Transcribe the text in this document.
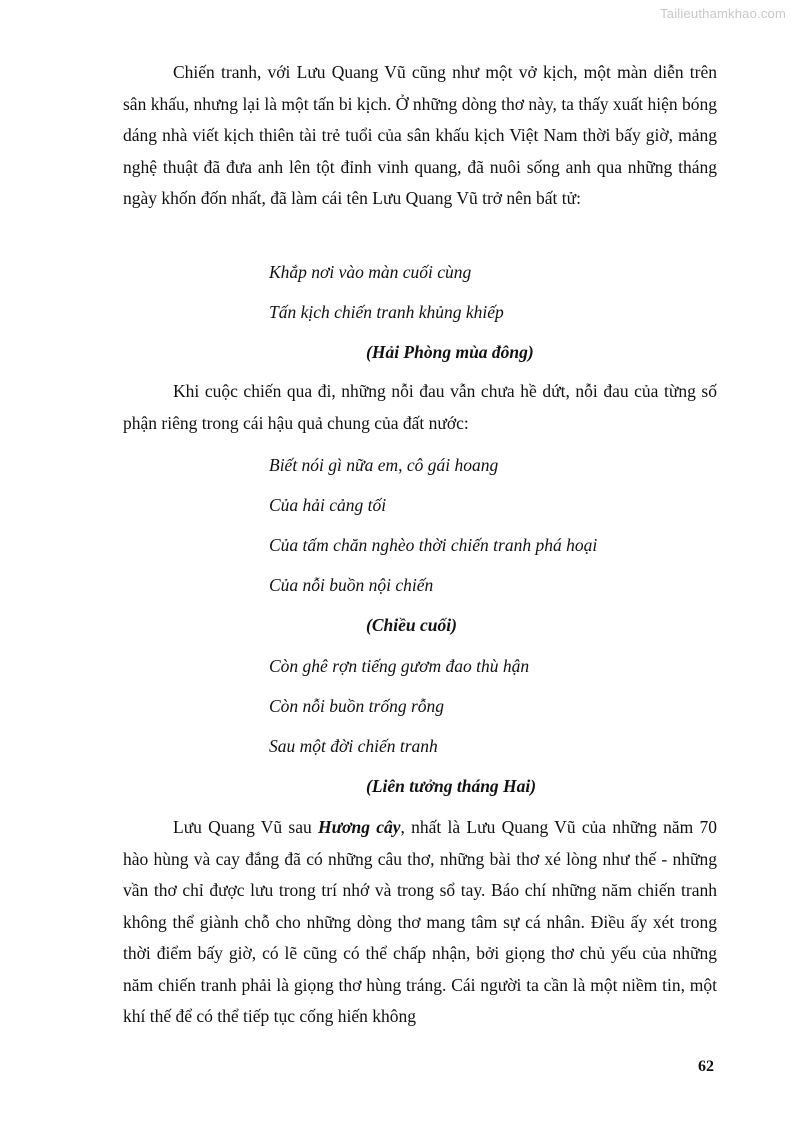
Tailieuthamkhao.com

Chiến tranh, với Lưu Quang Vũ cũng như một vở kịch, một màn diễn trên sân khấu, nhưng lại là một tấn bi kịch. Ở những dòng thơ này, ta thấy xuất hiện bóng dáng nhà viết kịch thiên tài trẻ tuổi của sân khấu kịch Việt Nam thời bấy giờ, mảng nghệ thuật đã đưa anh lên tột đỉnh vinh quang, đã nuôi sống anh qua những tháng ngày khốn đốn nhất, đã làm cái tên Lưu Quang Vũ trở nên bất tử:

Khắp nơi vào màn cuối cùng
Tấn kịch chiến tranh khủng khiếp
(Hải Phòng mùa đông)

Khi cuộc chiến qua đi, những nỗi đau vẫn chưa hề dứt, nỗi đau của từng số phận riêng trong cái hậu quả chung của đất nước:

Biết nói gì nữa em, cô gái hoang
Của hải cảng tối
Của tấm chăn nghèo thời chiến tranh phá hoại
Của nỗi buồn nội chiến
(Chiều cuối)
Còn ghê rợn tiếng gươm đao thù hận
Còn nỗi buồn trống rỗng
Sau một đời chiến tranh
(Liên tưởng tháng Hai)

Lưu Quang Vũ sau Hương cây, nhất là Lưu Quang Vũ của những năm 70 hào hùng và cay đắng đã có những câu thơ, những bài thơ xé lòng như thế - những vần thơ chỉ được lưu trong trí nhớ và trong sổ tay. Báo chí những năm chiến tranh không thể giành chỗ cho những dòng thơ mang tâm sự cá nhân. Điều ấy xét trong thời điểm bấy giờ, có lẽ cũng có thể chấp nhận, bởi giọng thơ chủ yếu của những năm chiến tranh phải là giọng thơ hùng tráng. Cái người ta cần là một niềm tin, một khí thế để có thể tiếp tục cống hiến không

62
